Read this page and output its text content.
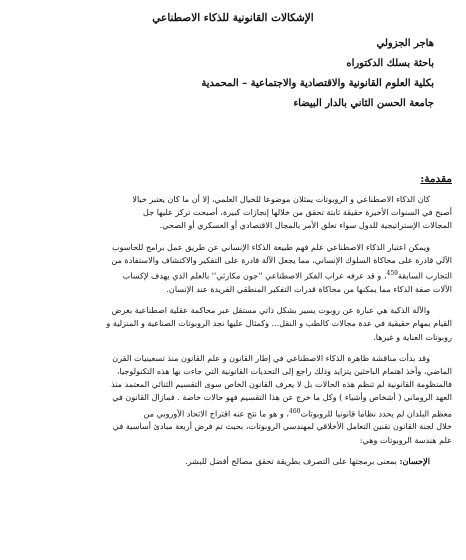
الإشكالات القانونية للذكاء الاصطناعي
هاجر الجزولي
باحثة بسلك الدكتوراه
بكلية العلوم القانونية والاقتصادية والاجتماعية – المحمدية
جامعة الحسن الثاني بالدار البيضاء
مقدمة:
كان الذكاء الاصطناعي و الروبوتات يمثلان موضوعا للخيال العلمي، إلا أن ما كان يعتبر خيالا
أصبح في السنوات الأخيرة حقيقة ثابتة تحقق من خلالها إنجازات كبيرة، أصبحت تركز عليها جل
المجالات الإستراتيجية للدول سواء تعلق الأمر بالمجال الاقتصادي أو العسكري أو الصحي.
ويمكن اعتبار الذكاء الاصطناعي علم فهم طبيعة الذكاء الإنساني عن طريق عمل برامج للحاسوب
الآلي قادرة على محاكاة السلوك الإنساني، مما يجعل الآلة قادرة على التفكير والاكتشاف والاستفادة من
التجارب السابقة$^{459}$، و قد عرفه عراب الفكر الاصطناعي ''جون مكارثي'' بالعلم الذي يهدف لإكساب
الآلات صفة الذكاء مما يمكنها من محاكاة قدرات التفكير المنطقي الفريدة عند الإنسان.
والآلة الذكية هي عبارة عن روبوت يسير بشكل ذاتي مستقل عبر محاكمة عقلية اصطناعية بغرض
القيام بمهام حقيقية في عدة مجالات كالطب و النقل... وكمثال عليها نجد الروبوتات الصناعية و المنزلية و
روبوتات العناية و غيرها.
وقد بدأت مناقشة ظاهرة الذكاء الاصطناعي في إطار القانون و علم القانون منذ تسعينيات القرن
الماضي، وأخذ اهتمام الباحثين يتزايد وذلك راجع إلى التحديات القانونية التي جاءت بها هذه التكنولوجيا،
فالمنظومة القانونية لم تنظم هذه الحالات بل لا يعرف القانون الخاص سوى التقسيم الثنائي المعتمد منذ
العهد الروماني ( أشخاص وأشياء ) وكل ما خرج عن هذا التقسيم فهو حالات خاصة . فمازال القانون في
معظم البلدان لم يحدد نظاما قانونيا للروبوتات$^{460}$، و هو ما نتج عنه اقتراح الاتحاد الأوروبي من
خلال لجنة القانون تقنين التعامل الأخلاقي لمهندسي الروبوتات، بحيث تم فرض أربعة مبادئ أساسية في
علم هندسة الروبوتات وهي:
الإحسان: بمعنى برمجتها على التصرف بطريقة تحقق مصالح أفضل للبشر.
